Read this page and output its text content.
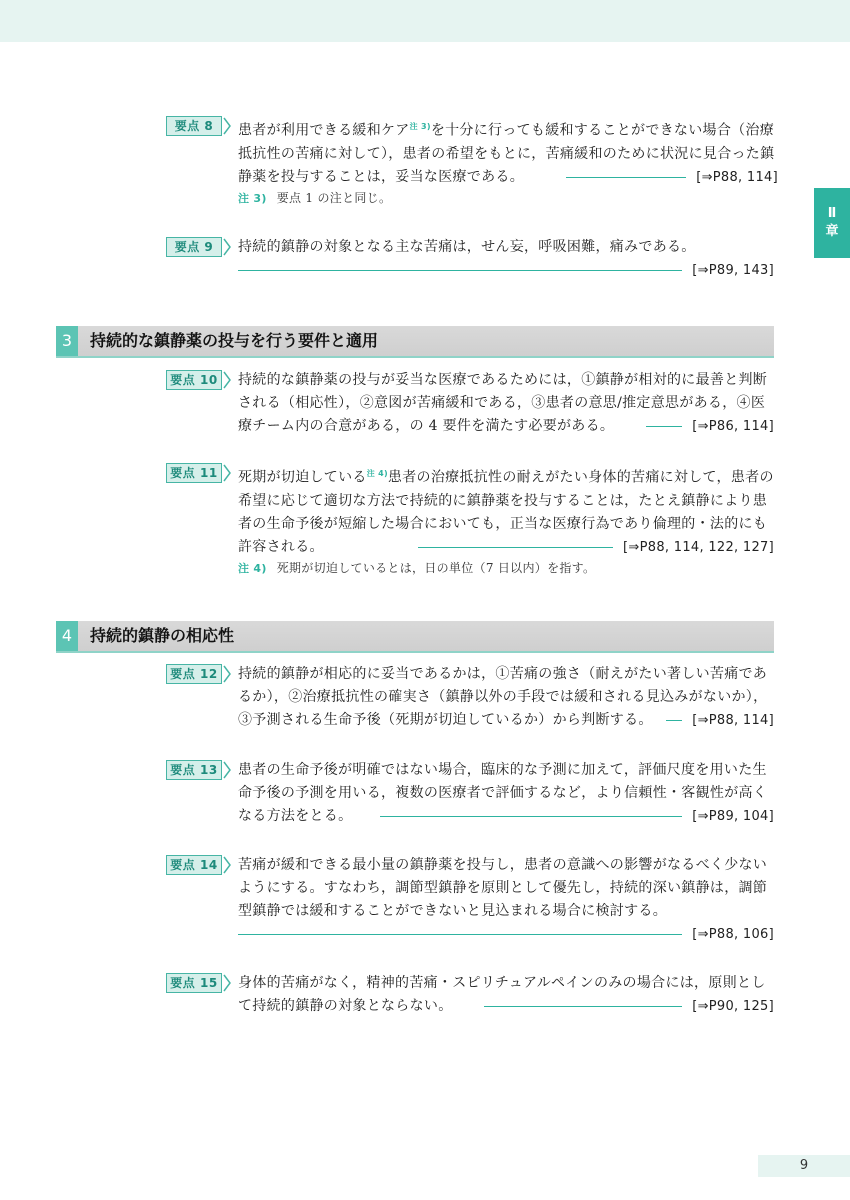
Ⅱ
章
要点 8	患者が利用できる緩和ケア$^{注 3)}$を十分に行っても緩和することができない場合（治療抵抗性の苦痛に対して），患者の希望をもとに，苦痛緩和のために状況に見合った鎮静薬を投与することは，妥当な医療である。	[⇒P88, 114]
注 3) 要点 1 の注と同じ。
要点 9	持続的鎮静の対象となる主な苦痛は，せん妄，呼吸困難，痛みである。
[⇒P89, 143]
3	持続的な鎮静薬の投与を行う要件と適用
要点 10	持続的な鎮静薬の投与が妥当な医療であるためには，①鎮静が相対的に最善と判断される（相応性），②意図が苦痛緩和である，③患者の意思/推定意思がある，④医療チーム内の合意がある，の 4 要件を満たす必要がある。	[⇒P86, 114]
要点 11	死期が切迫している$^{注 4)}$患者の治療抵抗性の耐えがたい身体的苦痛に対して，患者の希望に応じて適切な方法で持続的に鎮静薬を投与することは，たとえ鎮静により患者の生命予後が短縮した場合においても，正当な医療行為であり倫理的・法的にも許容される。	[⇒P88, 114, 122, 127]
注 4) 死期が切迫しているとは，日の単位（7 日以内）を指す。
4	持続的鎮静の相応性
要点 12	持続的鎮静が相応的に妥当であるかは，①苦痛の強さ（耐えがたい著しい苦痛であるか），②治療抵抗性の確実さ（鎮静以外の手段では緩和される見込みがないか），③予測される生命予後（死期が切迫しているか）から判断する。	[⇒P88, 114]
要点 13	患者の生命予後が明確ではない場合，臨床的な予測に加えて，評価尺度を用いた生命予後の予測を用いる，複数の医療者で評価するなど，より信頼性・客観性が高くなる方法をとる。	[⇒P89, 104]
要点 14	苦痛が緩和できる最小量の鎮静薬を投与し，患者の意識への影響がなるべく少ないようにする。すなわち，調節型鎮静を原則として優先し，持続的深い鎮静は，調節型鎮静では緩和することができないと見込まれる場合に検討する。
[⇒P88, 106]
要点 15	身体的苦痛がなく，精神的苦痛・スピリチュアルペインのみの場合には，原則として持続的鎮静の対象とならない。	[⇒P90, 125]
9
